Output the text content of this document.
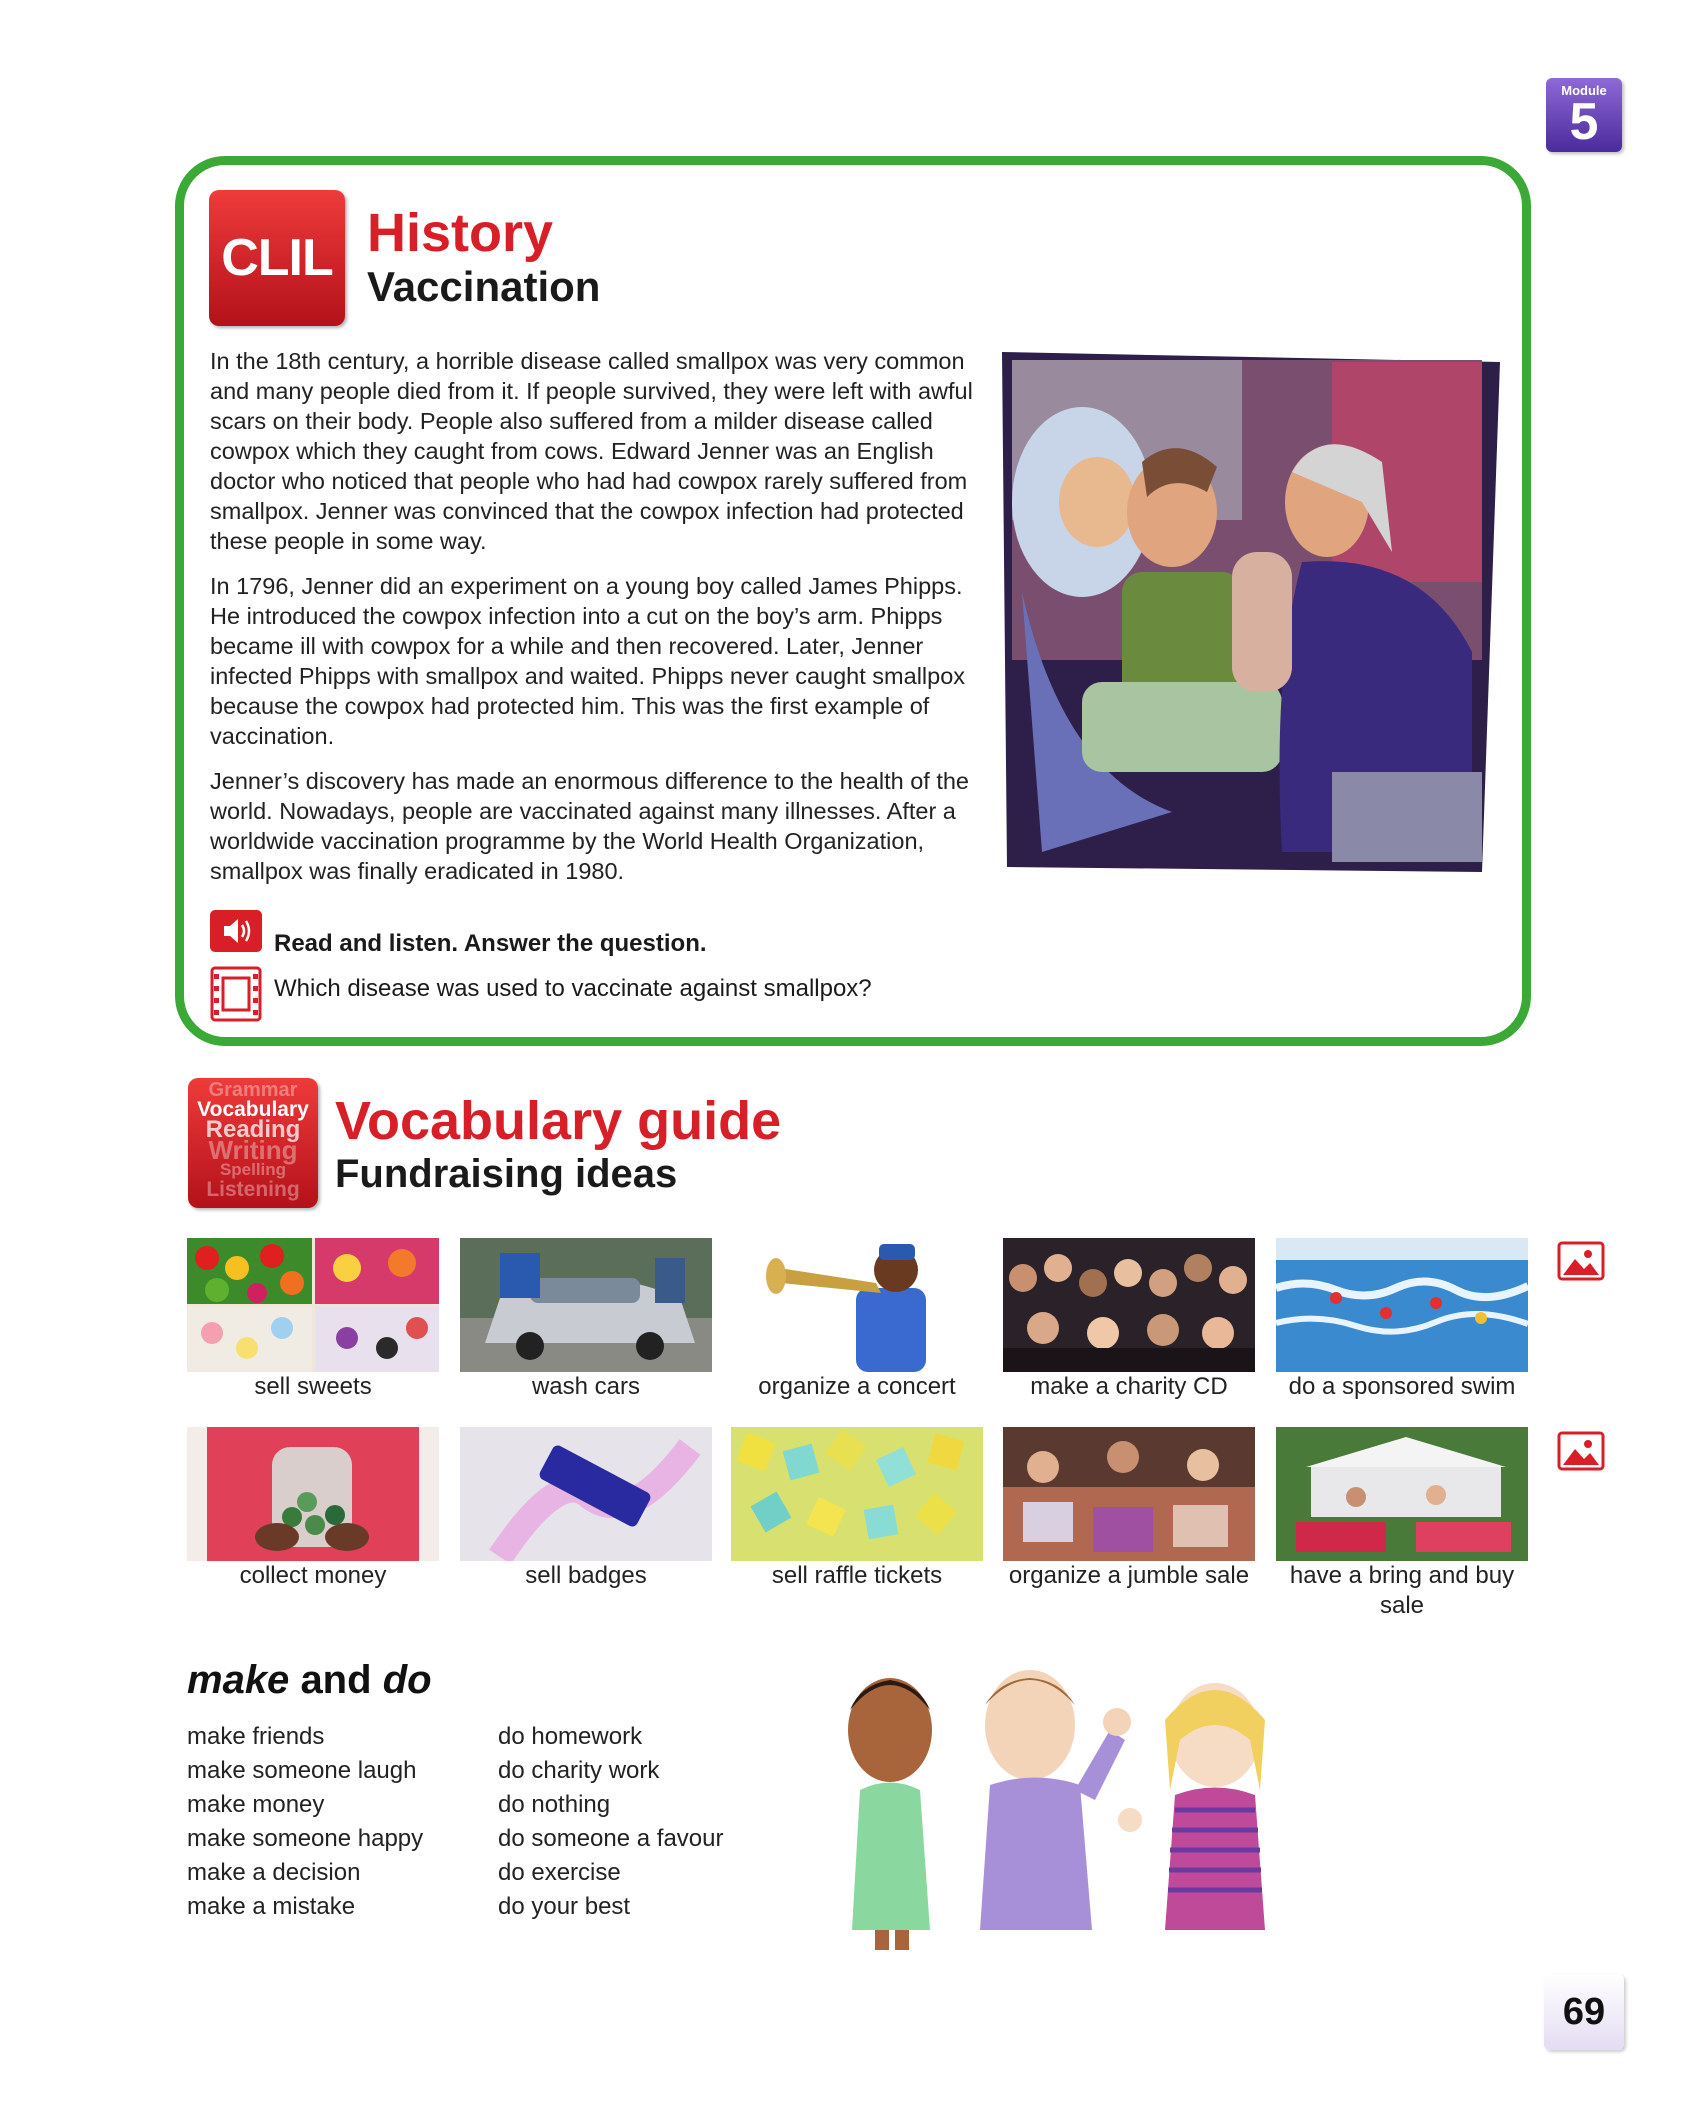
Module
5
CLIL History
Vaccination

In the 18th century, a horrible disease called smallpox was very common and many people died from it. If people survived, they were left with awful scars on their body. People also suffered from a milder disease called cowpox which they caught from cows. Edward Jenner was an English doctor who noticed that people who had had cowpox rarely suffered from smallpox. Jenner was convinced that the cowpox infection had protected these people in some way.

In 1796, Jenner did an experiment on a young boy called James Phipps. He introduced the cowpox infection into a cut on the boy’s arm. Phipps became ill with cowpox for a while and then recovered. Later, Jenner infected Phipps with smallpox and waited. Phipps never caught smallpox because the cowpox had protected him. This was the first example of vaccination.

Jenner’s discovery has made an enormous difference to the health of the world. Nowadays, people are vaccinated against many illnesses. After a worldwide vaccination programme by the World Health Organization, smallpox was finally eradicated in 1980.

Read and listen. Answer the question.
Which disease was used to vaccinate against smallpox?
Grammar
Vocabulary
Reading
Writing
Spelling
Listening
Vocabulary guide
Fundraising ideas
sell sweets	wash cars	organize a concert	make a charity CD	do a sponsored swim
collect money	sell badges	sell raffle tickets	organize a jumble sale	have a bring and buy sale
make and do
make friends
make someone laugh
make money
make someone happy
make a decision
make a mistake
do homework
do charity work
do nothing
do someone a favour
do exercise
do your best
69
